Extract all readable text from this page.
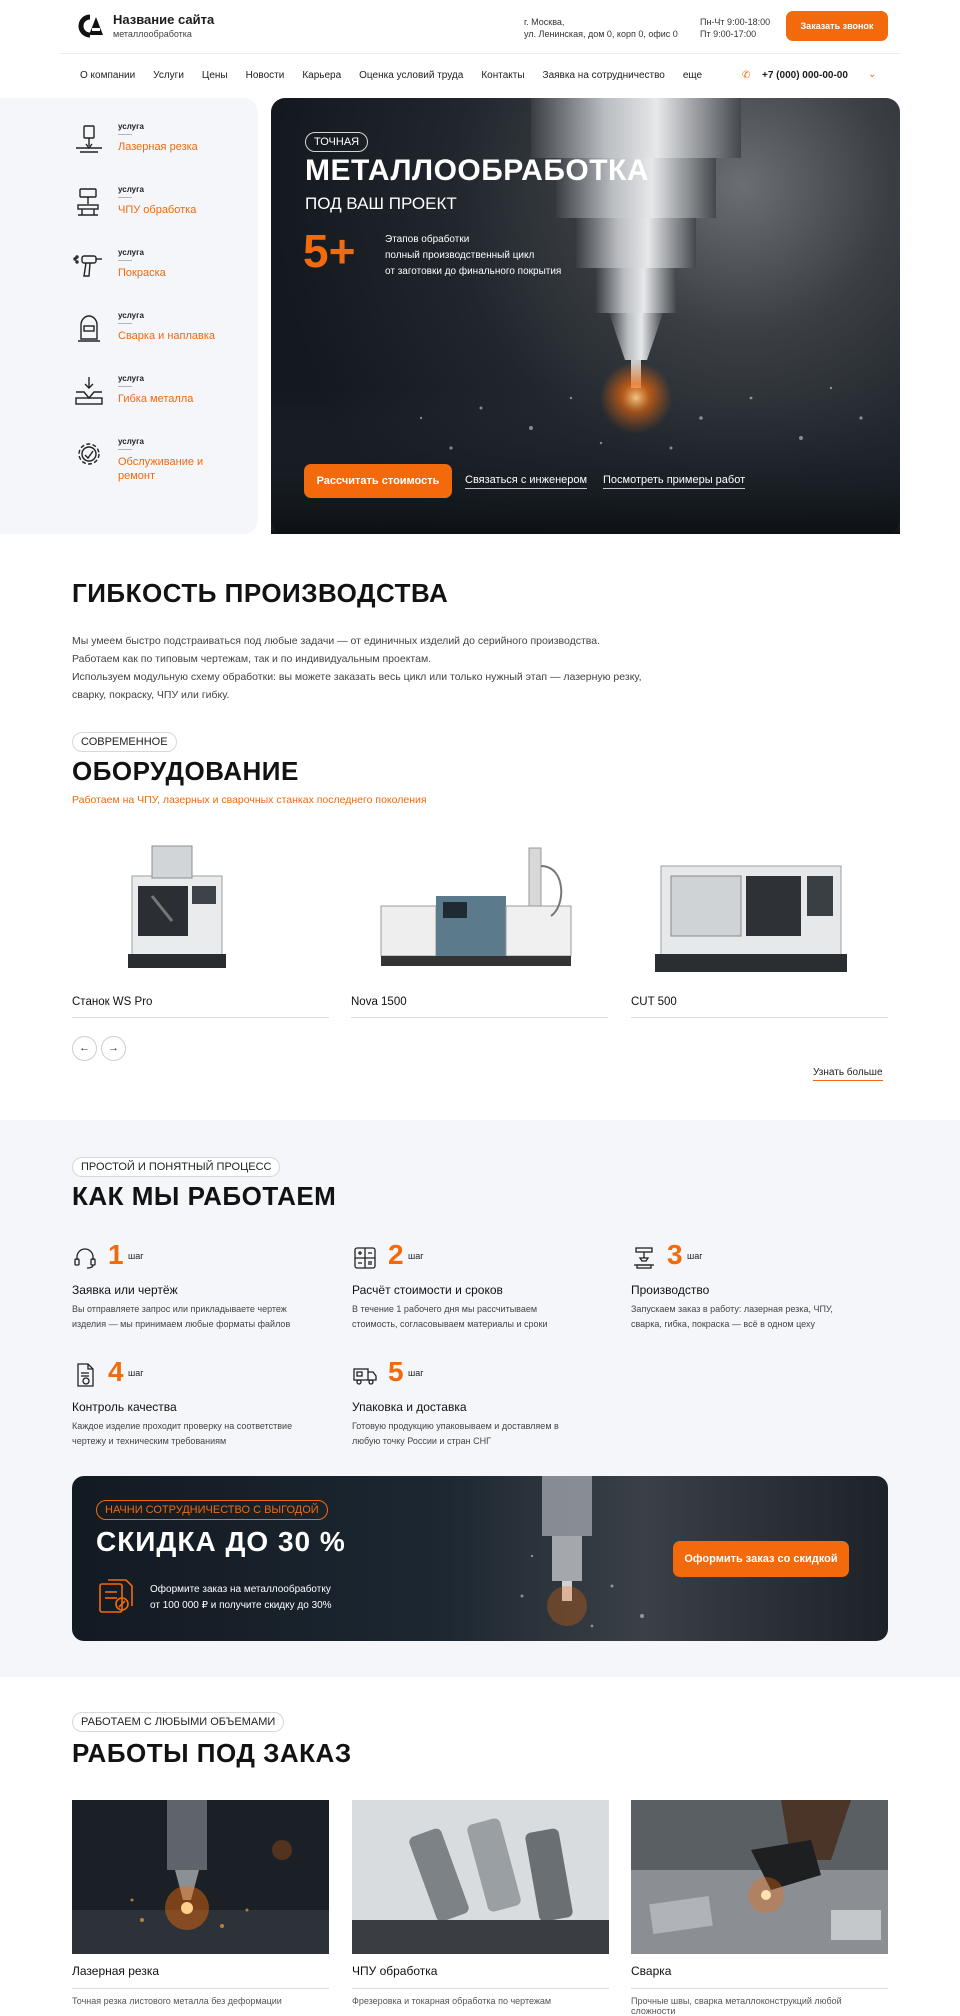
Название сайта
металлообработка
г. Москва,
ул. Ленинская, дом 0, корп 0, офис 0
Пн-Чт 9:00-18:00
Пт 9:00-17:00
Заказать звонок
О компании Услуги Цены Новости Карьера Оценка условий труда Контакты Заявка на сотрудничество еще	✆ +7 (000) 000-00-00 ⌄
услуга
Лазерная резка
услуга
ЧПУ обработка
услуга
Покраска
услуга
Сварка и наплавка
услуга
Гибка металла
услуга
Обслуживание и ремонт
ТОЧНАЯ
МЕТАЛЛООБРАБОТКА
ПОД ВАШ ПРОЕКТ
5+	Этапов обработки
полный производственный цикл
от заготовки до финального покрытия
Рассчитать стоимость	Связаться с инженером Посмотреть примеры работ
ГИБКОСТЬ ПРОИЗВОДСТВА
Мы умеем быстро подстраиваться под любые задачи — от единичных изделий до серийного производства.
Работаем как по типовым чертежам, так и по индивидуальным проектам.
Используем модульную схему обработки: вы можете заказать весь цикл или только нужный этап — лазерную резку, сварку, покраску, ЧПУ или гибку.
СОВРЕМЕННОЕ
ОБОРУДОВАНИЕ
Работаем на ЧПУ, лазерных и сварочных станках последнего поколения
Станок WS Pro	Nova 1500	CUT 500
←	→
Узнать больше
ПРОСТОЙ И ПОНЯТНЫЙ ПРОЦЕСС
КАК МЫ РАБОТАЕМ
1 шаг
Заявка или чертёж
Вы отправляете запрос или прикладываете чертеж
изделия — мы принимаем любые форматы файлов
2 шаг
Расчёт стоимости и сроков
В течение 1 рабочего дня мы рассчитываем
стоимость, согласовываем материалы и сроки
3 шаг
Производство
Запускаем заказ в работу: лазерная резка, ЧПУ,
сварка, гибка, покраска — всё в одном цеху
4 шаг
Контроль качества
Каждое изделие проходит проверку на соответствие
чертежу и техническим требованиям
5 шаг
Упаковка и доставка
Готовую продукцию упаковываем и доставляем в
любую точку России и стран СНГ
НАЧНИ СОТРУДНИЧЕСТВО С ВЫГОДОЙ
СКИДКА ДО 30 %
Оформите заказ на металлообработку
от 100 000 ₽ и получите скидку до 30%
Оформить заказ со скидкой
РАБОТАЕМ С ЛЮБЫМИ ОБЪЕМАМИ
РАБОТЫ ПОД ЗАКАЗ
Лазерная резка
Точная резка листового металла без деформации
ЧПУ обработка
Фрезеровка и токарная обработка по чертежам
Сварка
Прочные швы, сварка металлоконструкций любой сложности
